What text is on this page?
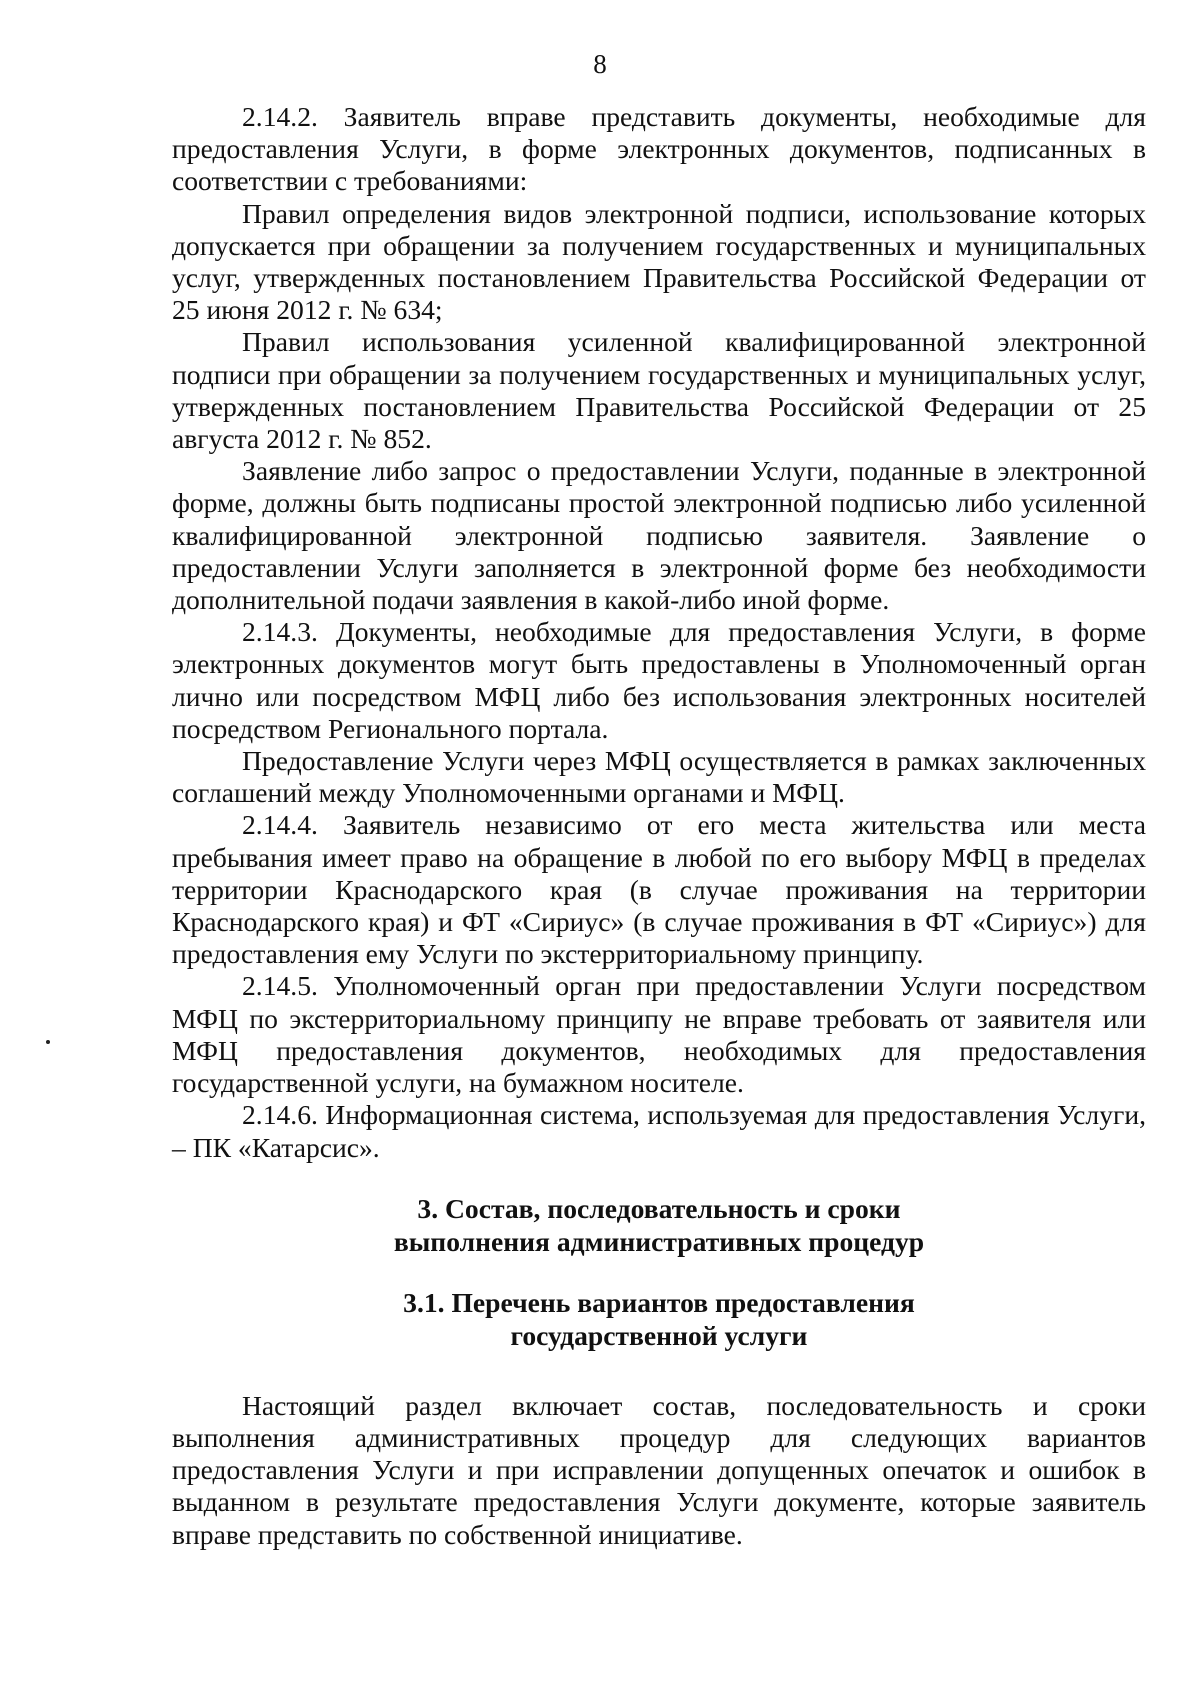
8

2.14.2. Заявитель вправе представить документы, необходимые для предоставления Услуги, в форме электронных документов, подписанных в соответствии с требованиями:

Правил определения видов электронной подписи, использование которых допускается при обращении за получением государственных и муниципальных услуг, утвержденных постановлением Правительства Российской Федерации от 25 июня 2012 г. № 634;

Правил использования усиленной квалифицированной электронной подписи при обращении за получением государственных и муниципальных услуг, утвержденных постановлением Правительства Российской Федерации от 25 августа 2012 г. № 852.

Заявление либо запрос о предоставлении Услуги, поданные в электронной форме, должны быть подписаны простой электронной подписью либо усиленной квалифицированной электронной подписью заявителя. Заявление о предоставлении Услуги заполняется в электронной форме без необходимости дополнительной подачи заявления в какой-либо иной форме.

2.14.3. Документы, необходимые для предоставления Услуги, в форме электронных документов могут быть предоставлены в Уполномоченный орган лично или посредством МФЦ либо без использования электронных носителей посредством Регионального портала.

Предоставление Услуги через МФЦ осуществляется в рамках заключенных соглашений между Уполномоченными органами и МФЦ.

2.14.4. Заявитель независимо от его места жительства или места пребывания имеет право на обращение в любой по его выбору МФЦ в пределах территории Краснодарского края (в случае проживания на территории Краснодарского края) и ФТ «Сириус» (в случае проживания в ФТ «Сириус») для предоставления ему Услуги по экстерриториальному принципу.

2.14.5. Уполномоченный орган при предоставлении Услуги посредством МФЦ по экстерриториальному принципу не вправе требовать от заявителя или МФЦ предоставления документов, необходимых для предоставления государственной услуги, на бумажном носителе.

2.14.6. Информационная система, используемая для предоставления Услуги, – ПК «Катарсис».

3. Состав, последовательность и сроки
выполнения административных процедур
3.1. Перечень вариантов предоставления
государственной услуги

Настоящий раздел включает состав, последовательность и сроки выполнения административных процедур для следующих вариантов предоставления Услуги и при исправлении допущенных опечаток и ошибок в выданном в результате предоставления Услуги документе, которые заявитель вправе представить по собственной инициативе.
